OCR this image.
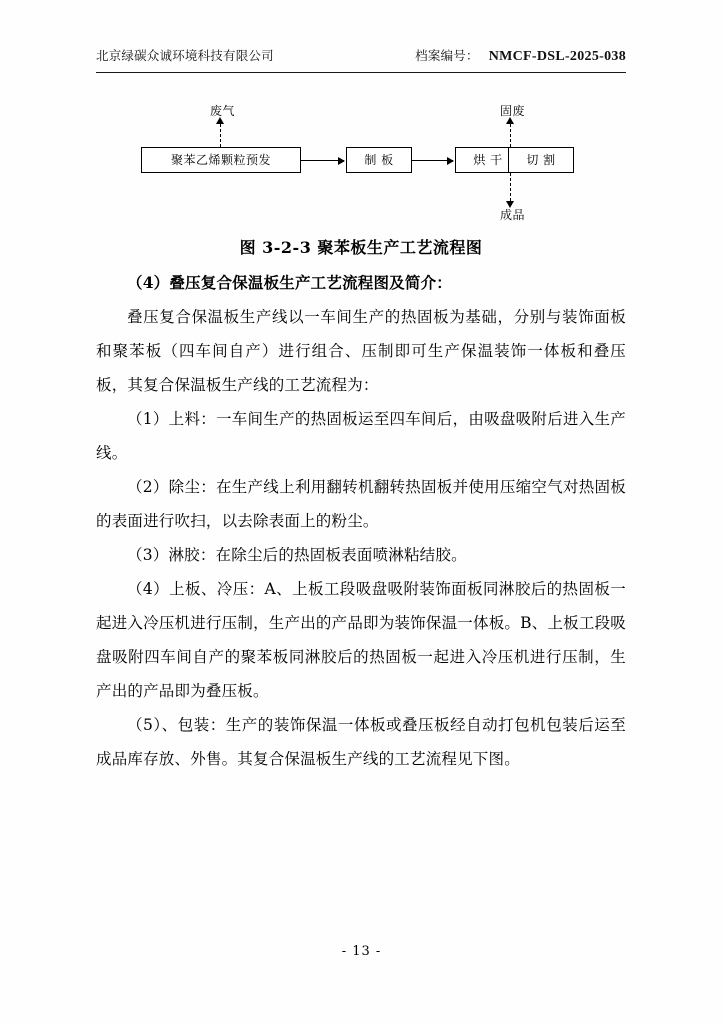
北京绿碳众诚环境科技有限公司	档案编号： NMCF-DSL-2025-038
废气	固废
聚苯乙烯颗粒预发	制 板	烘 干 切 割
成品
图 3-2-3 聚苯板生产工艺流程图

（4）叠压复合保温板生产工艺流程图及简介：

叠压复合保温板生产线以一车间生产的热固板为基础，分别与装饰面板和聚苯板（四车间自产）进行组合、压制即可生产保温装饰一体板和叠压板，其复合保温板生产线的工艺流程为：

（1）上料：一车间生产的热固板运至四车间后，由吸盘吸附后进入生产线。

（2）除尘：在生产线上利用翻转机翻转热固板并使用压缩空气对热固板的表面进行吹扫，以去除表面上的粉尘。

（3）淋胶：在除尘后的热固板表面喷淋粘结胶。

（4）上板、冷压：A、上板工段吸盘吸附装饰面板同淋胶后的热固板一起进入冷压机进行压制，生产出的产品即为装饰保温一体板。B、上板工段吸盘吸附四车间自产的聚苯板同淋胶后的热固板一起进入冷压机进行压制，生产出的产品即为叠压板。

（5）、包装：生产的装饰保温一体板或叠压板经自动打包机包装后运至成品库存放、外售。其复合保温板生产线的工艺流程见下图。

- 13 -
